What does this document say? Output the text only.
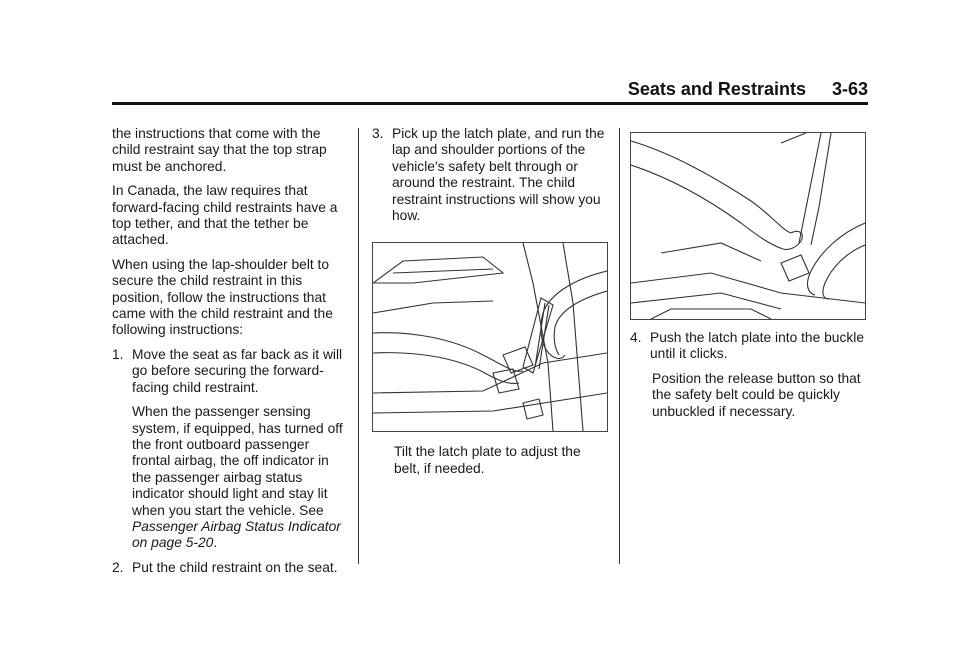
Seats and Restraints 3-63

the instructions that come with the child restraint say that the top strap must be anchored.

In Canada, the law requires that forward-facing child restraints have a top tether, and that the tether be attached.

When using the lap-shoulder belt to secure the child restraint in this position, follow the instructions that came with the child restraint and the following instructions:

1. Move the seat as far back as it will go before securing the forward-facing child restraint.

When the passenger sensing system, if equipped, has turned off the front outboard passenger frontal airbag, the off indicator in the passenger airbag status indicator should light and stay lit when you start the vehicle. See Passenger Airbag Status Indicator on page 5-20.

2. Put the child restraint on the seat.

3. Pick up the latch plate, and run the lap and shoulder portions of the vehicle's safety belt through or around the restraint. The child restraint instructions will show you how.

Tilt the latch plate to adjust the belt, if needed.

4. Push the latch plate into the buckle until it clicks.

Position the release button so that the safety belt could be quickly unbuckled if necessary.
